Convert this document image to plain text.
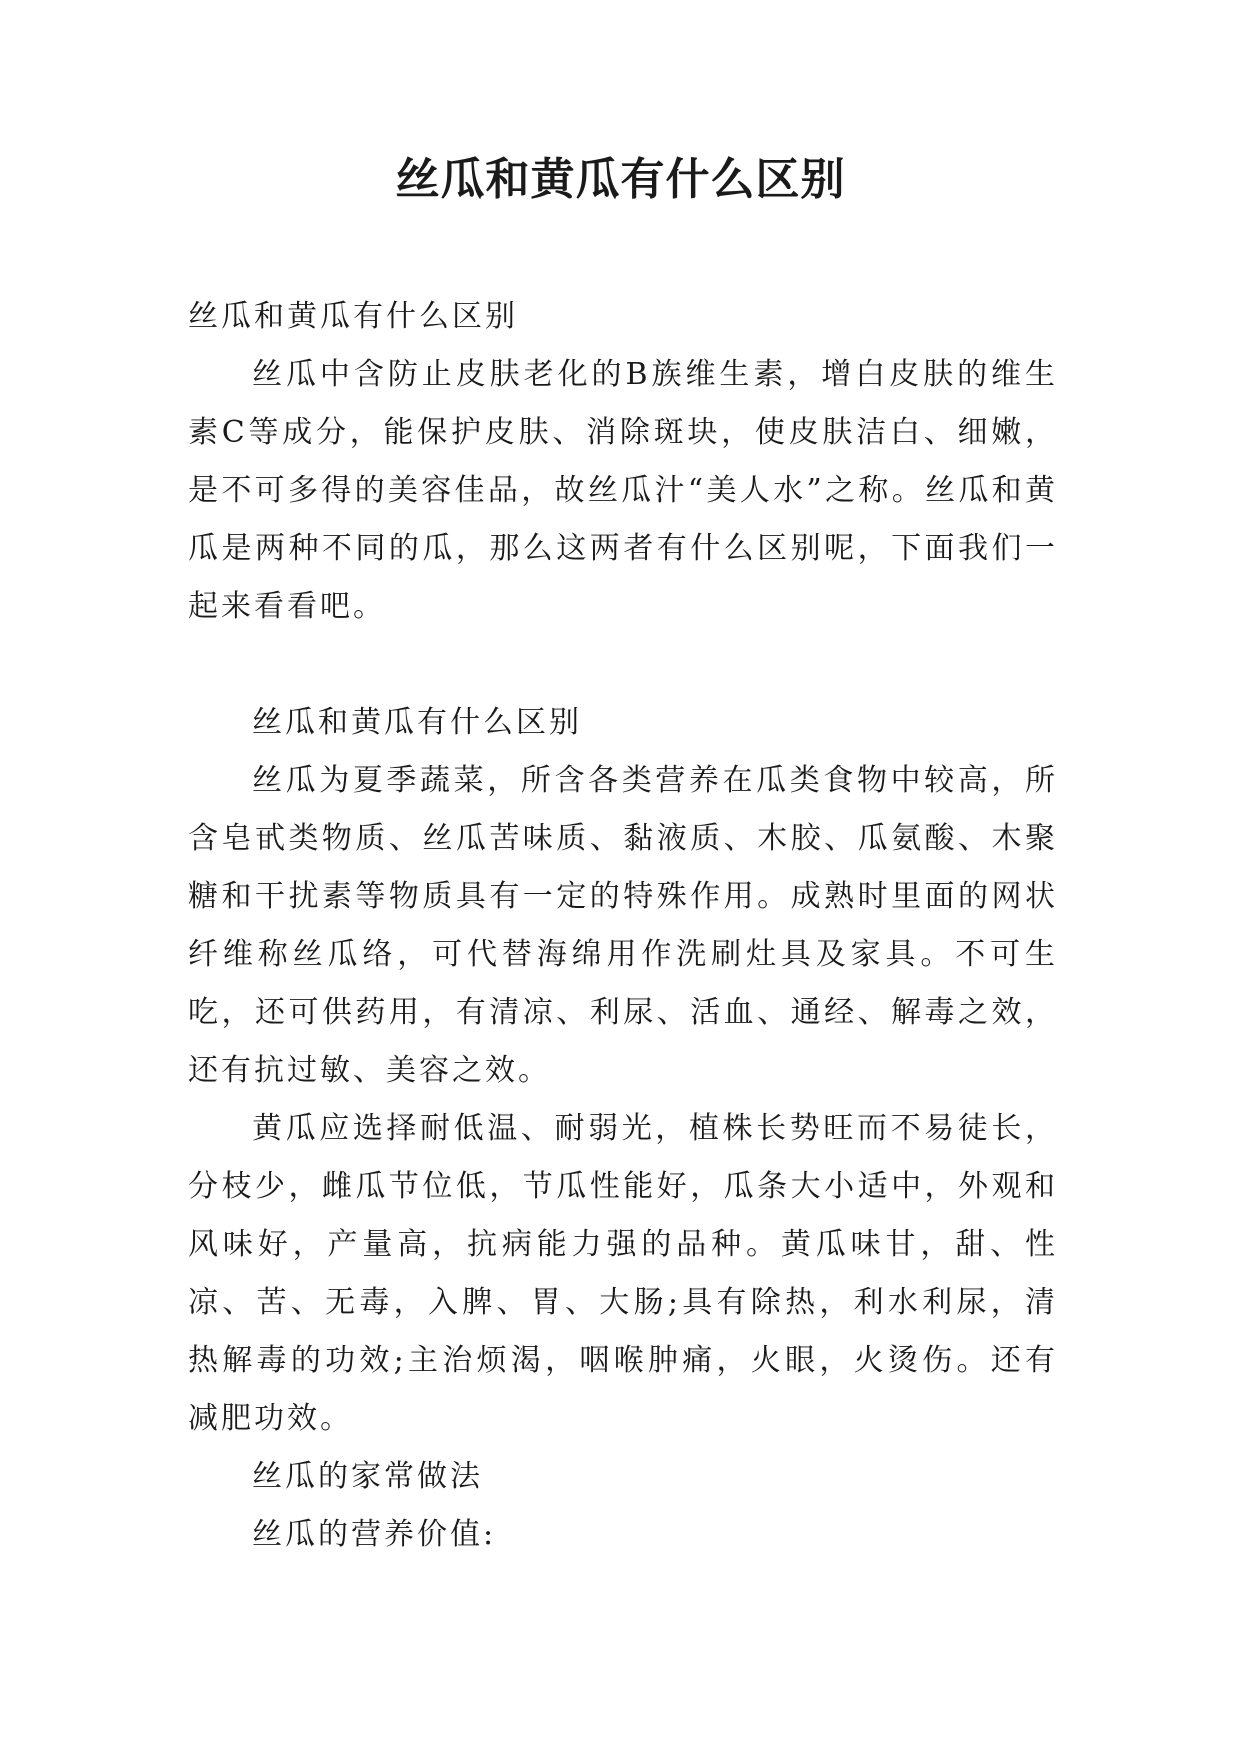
丝瓜和黄瓜有什么区别

丝瓜和黄瓜有什么区别

丝瓜中含防止皮肤老化的B族维生素，增白皮肤的维生素C等成分，能保护皮肤、消除斑块，使皮肤洁白、细嫩，是不可多得的美容佳品，故丝瓜汁“美人水”之称。丝瓜和黄瓜是两种不同的瓜，那么这两者有什么区别呢，下面我们一起来看看吧。

丝瓜和黄瓜有什么区别

丝瓜为夏季蔬菜，所含各类营养在瓜类食物中较高，所含皂甙类物质、丝瓜苦味质、黏液质、木胶、瓜氨酸、木聚糖和干扰素等物质具有一定的特殊作用。成熟时里面的网状纤维称丝瓜络，可代替海绵用作洗刷灶具及家具。不可生吃，还可供药用，有清凉、利尿、活血、通经、解毒之效，还有抗过敏、美容之效。

黄瓜应选择耐低温、耐弱光，植株长势旺而不易徒长，分枝少，雌瓜节位低，节瓜性能好，瓜条大小适中，外观和风味好，产量高，抗病能力强的品种。黄瓜味甘，甜、性凉、苦、无毒，入脾、胃、大肠;具有除热，利水利尿，清热解毒的功效;主治烦渴，咽喉肿痛，火眼，火烫伤。还有减肥功效。

丝瓜的家常做法

丝瓜的营养价值:
